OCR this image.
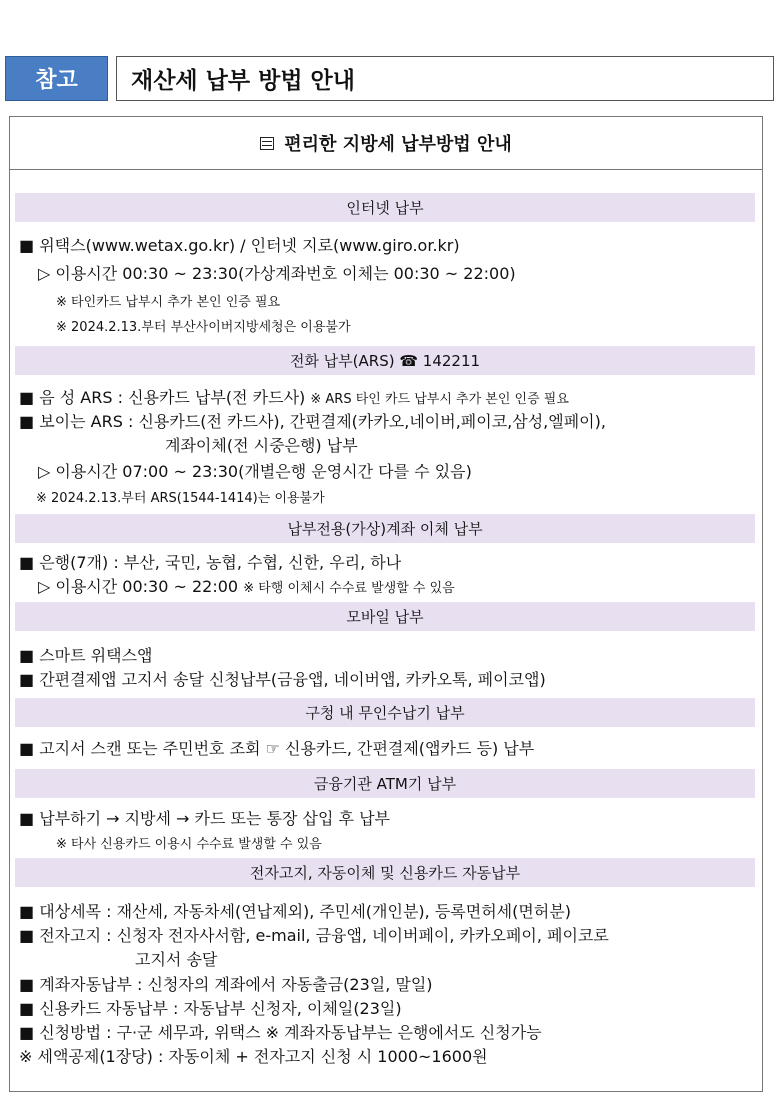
참고	재산세 납부 방법 안내
편리한 지방세 납부방법 안내
인터넷 납부
■ 위택스(www.wetax.go.kr) / 인터넷 지로(www.giro.or.kr)
▷ 이용시간 00:30 ~ 23:30(가상계좌번호 이체는 00:30 ~ 22:00)
※ 타인카드 납부시 추가 본인 인증 필요
※ 2024.2.13.부터 부산사이버지방세청은 이용불가
전화 납부(ARS) ☎ 142211
■ 음 성 ARS : 신용카드 납부(전 카드사) ※ ARS 타인 카드 납부시 추가 본인 인증 필요
■ 보이는 ARS : 신용카드(전 카드사), 간편결제(카카오,네이버,페이코,삼성,엘페이),
계좌이체(전 시중은행) 납부
▷ 이용시간 07:00 ~ 23:30(개별은행 운영시간 다를 수 있음)
※ 2024.2.13.부터 ARS(1544-1414)는 이용불가
납부전용(가상)계좌 이체 납부
■ 은행(7개) : 부산, 국민, 농협, 수협, 신한, 우리, 하나
▷ 이용시간 00:30 ~ 22:00 ※ 타행 이체시 수수료 발생할 수 있음
모바일 납부
■ 스마트 위택스앱
■ 간편결제앱 고지서 송달 신청납부(금융앱, 네이버앱, 카카오톡, 페이코앱)
구청 내 무인수납기 납부
■ 고지서 스캔 또는 주민번호 조회 ☞ 신용카드, 간편결제(앱카드 등) 납부
금융기관 ATM기 납부
■ 납부하기 → 지방세 → 카드 또는 통장 삽입 후 납부
※ 타사 신용카드 이용시 수수료 발생할 수 있음
전자고지, 자동이체 및 신용카드 자동납부
■ 대상세목 : 재산세, 자동차세(연납제외), 주민세(개인분), 등록면허세(면허분)
■ 전자고지 : 신청자 전자사서함, e-mail, 금융앱, 네이버페이, 카카오페이, 페이코로
고지서 송달
■ 계좌자동납부 : 신청자의 계좌에서 자동출금(23일, 말일)
■ 신용카드 자동납부 : 자동납부 신청자, 이체일(23일)
■ 신청방법 : 구·군 세무과, 위택스 ※ 계좌자동납부는 은행에서도 신청가능
※ 세액공제(1장당) : 자동이체 + 전자고지 신청 시 1000~1600원
